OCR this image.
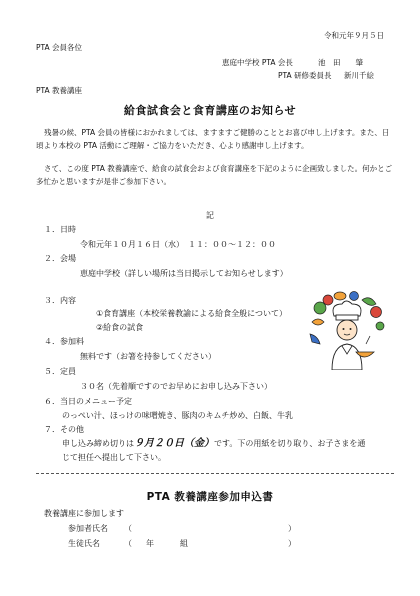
令和元年９月５日
PTA 会員各位
恵庭中学校 PTA 会長	池　田　　肇
PTA 研修委員長 新川千絵
PTA 教養講座
給食試食会と食育講座のお知らせ

残暑の候、PTA 会員の皆様におかれましては、ますますご健勝のこととお喜び申し上げます。また、日頃より本校の PTA 活動にご理解・ご協力をいただき、心より感謝申し上げます。

さて、この度 PTA 教養講座で、給食の試食会および食育講座を下記のように企画致しました。何かとご多忙かと思いますが是非ご参加下さい。

記
１．日時
令和元年１０月１６日（水）　１１：００～１２：００
２．会場
恵庭中学校（詳しい場所は当日掲示してお知らせします）
３．内容
①食育講座（本校栄養教諭による給食全般について）
②給食の試食
４．参加料
無料です（お箸を持参してください）
５．定員
３０名（先着順ですのでお早めにお申し込み下さい）
６．当日のメニュー予定
のっぺい汁、ほっけの味噌焼き、豚肉のキムチ炒め、白飯、牛乳
７．その他
申し込み締め切りは９月２０日（金）です。下の用紙を切り取り、お子さまを通
じて担任へ提出して下さい。
PTA 教養講座参加申込書
教養講座に参加します
参加者氏名 （	）
生徒氏名	（ 年	組	）
